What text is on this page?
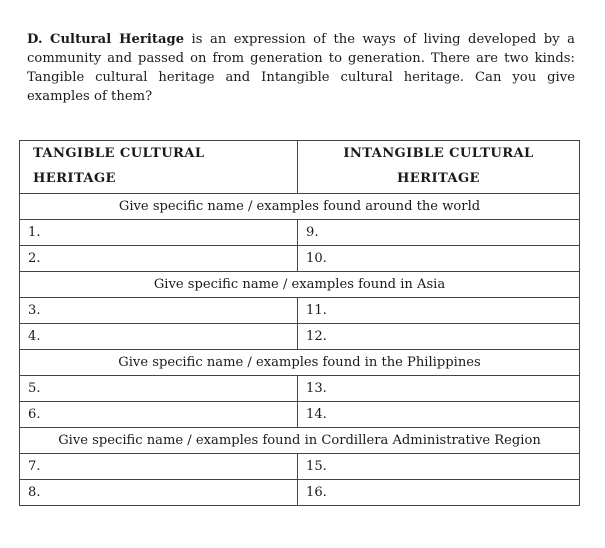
D. Cultural Heritage is an expression of the ways of living developed by a community and passed on from generation to generation. There are two kinds: Tangible cultural heritage and Intangible cultural heritage. Can you give examples of them?
TANGIBLE CULTURAL HERITAGE	INTANGIBLE CULTURAL HERITAGE
Give specific name / examples found around the world	
1.	9.
2.	10.
Give specific name / examples found in Asia	
3.	11.
4.	12.
Give specific name / examples found in the Philippines	
5.	13.
6.	14.
Give specific name / examples found in Cordillera Administrative Region	
7.	15.
8.	16.
